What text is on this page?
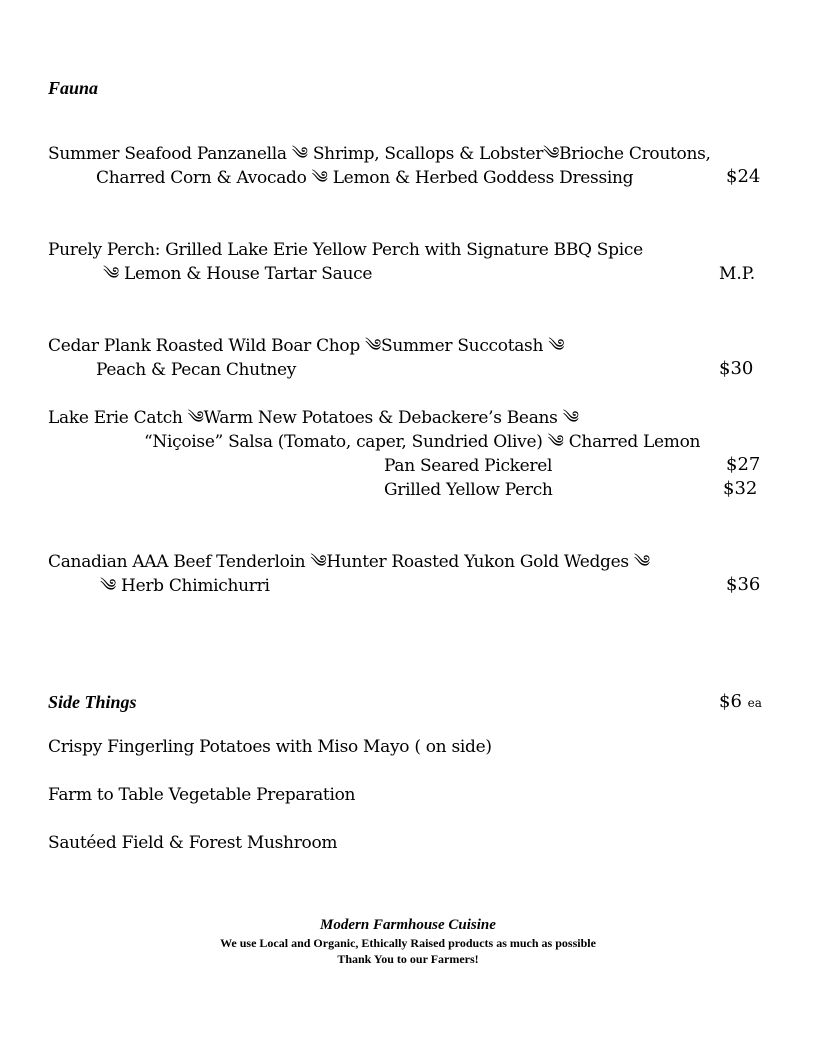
Fauna
Summer Seafood Panzanella ༄ Shrimp, Scallops & Lobster༄Brioche Croutons,
Charred Corn & Avocado ༄ Lemon & Herbed Goddess Dressing	$24
Purely Perch: Grilled Lake Erie Yellow Perch with Signature BBQ Spice
༄ Lemon & House Tartar Sauce	M.P.
Cedar Plank Roasted Wild Boar Chop ༄Summer Succotash ༄
Peach & Pecan Chutney	$30
Lake Erie Catch ༄Warm New Potatoes & Debackere’s Beans ༄
“Niçoise” Salsa (Tomato, caper, Sundried Olive) ༄ Charred Lemon
Pan Seared Pickerel	$27
Grilled Yellow Perch	$32
Canadian AAA Beef Tenderloin ༄Hunter Roasted Yukon Gold Wedges ༄
༄ Herb Chimichurri	$36
Side Things	$6 ea
Crispy Fingerling Potatoes with Miso Mayo ( on side)
Farm to Table Vegetable Preparation
Sautéed Field & Forest Mushroom
Modern Farmhouse Cuisine
We use Local and Organic, Ethically Raised products as much as possible
Thank You to our Farmers!
